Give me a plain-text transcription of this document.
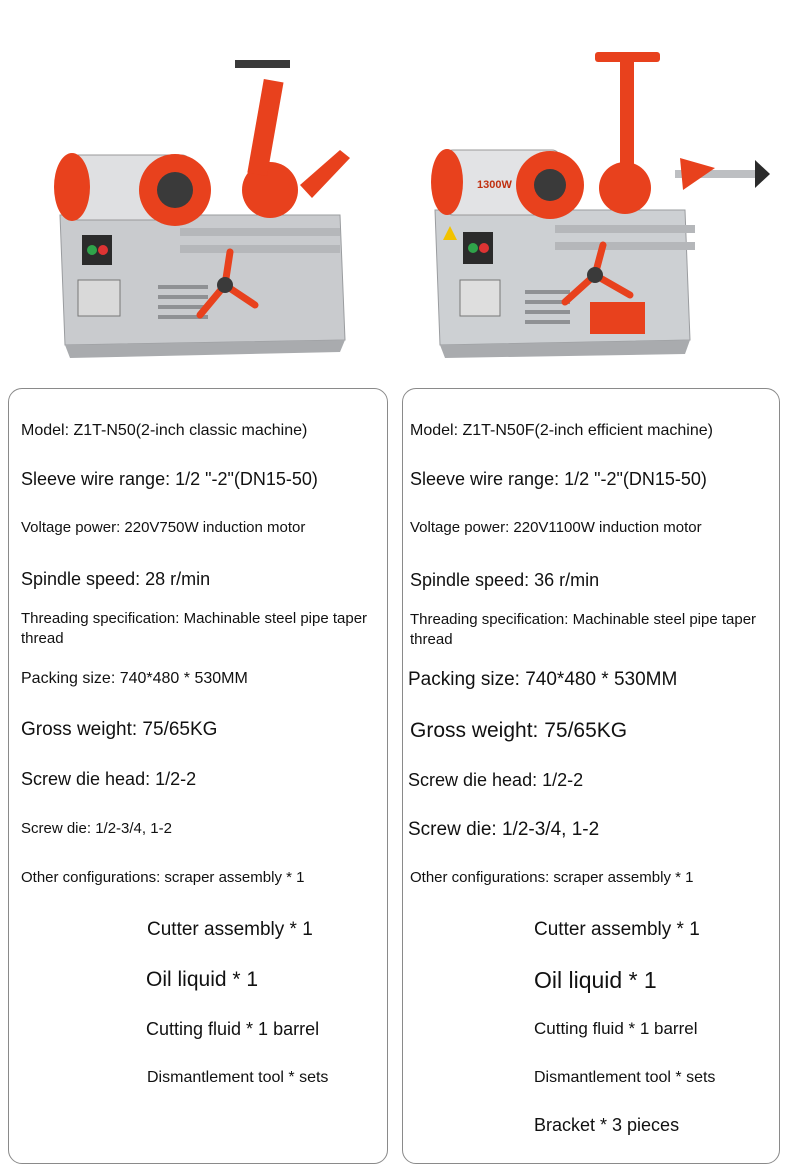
1300W
Model: Z1T-N50(2-inch classic machine)
Sleeve wire range: 1/2 "-2"(DN15-50)
Voltage power: 220V750W induction motor
Spindle speed: 28 r/min
Threading specification: Machinable steel pipe taper thread
Packing size: 740*480 * 530MM
Gross weight: 75/65KG
Screw die head: 1/2-2
Screw die: 1/2-3/4, 1-2
Other configurations: scraper assembly * 1
Cutter assembly * 1
Oil liquid * 1
Cutting fluid * 1 barrel
Dismantlement tool * sets
Model: Z1T-N50F(2-inch efficient machine)
Sleeve wire range: 1/2 "-2"(DN15-50)
Voltage power: 220V1100W induction motor
Spindle speed: 36 r/min
Threading specification: Machinable steel pipe taper thread
Packing size: 740*480 * 530MM
Gross weight: 75/65KG
Screw die head: 1/2-2
Screw die: 1/2-3/4, 1-2
Other configurations: scraper assembly * 1
Cutter assembly * 1
Oil liquid * 1
Cutting fluid * 1 barrel
Dismantlement tool * sets
Bracket * 3 pieces
